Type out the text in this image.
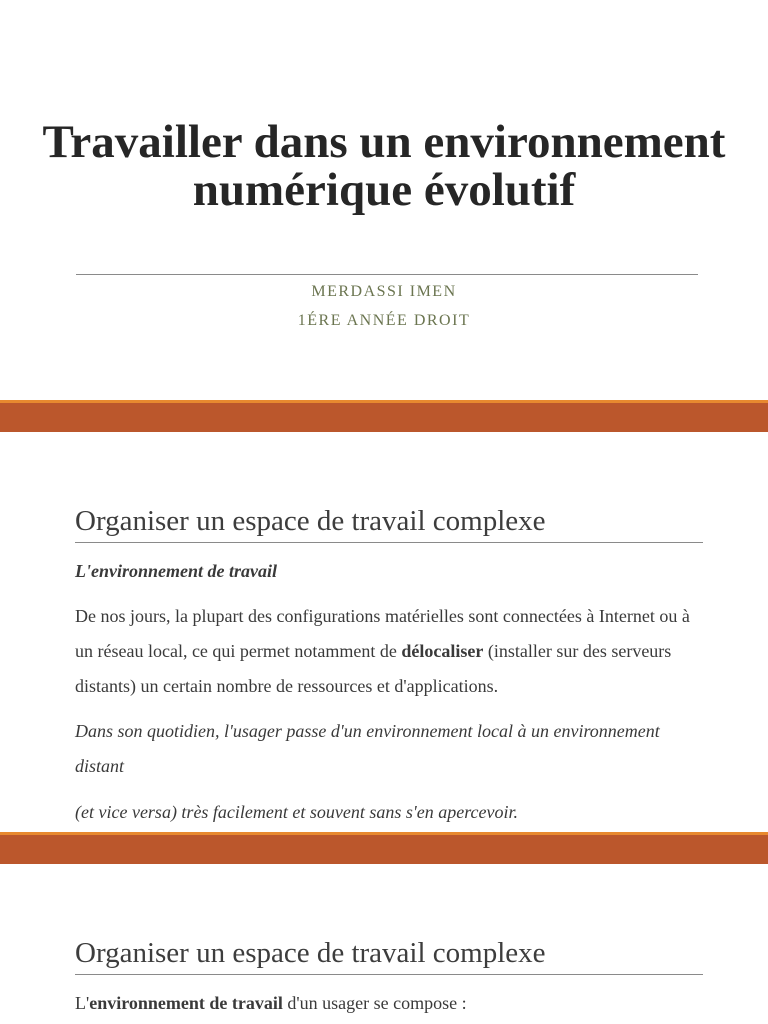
Travailler dans un environnement numérique évolutif
MERDASSI IMEN
1ÉRE ANNÉE DROIT
Organiser un espace de travail complexe

L'environnement de travail

De nos jours, la plupart des configurations matérielles sont connectées à Internet ou à un réseau local, ce qui permet notamment de délocaliser (installer sur des serveurs distants) un certain nombre de ressources et d'applications.

Dans son quotidien, l'usager passe d'un environnement local à un environnement distant

(et vice versa) très facilement et souvent sans s'en apercevoir.

Organiser un espace de travail complexe

L'environnement de travail d'un usager se compose :
